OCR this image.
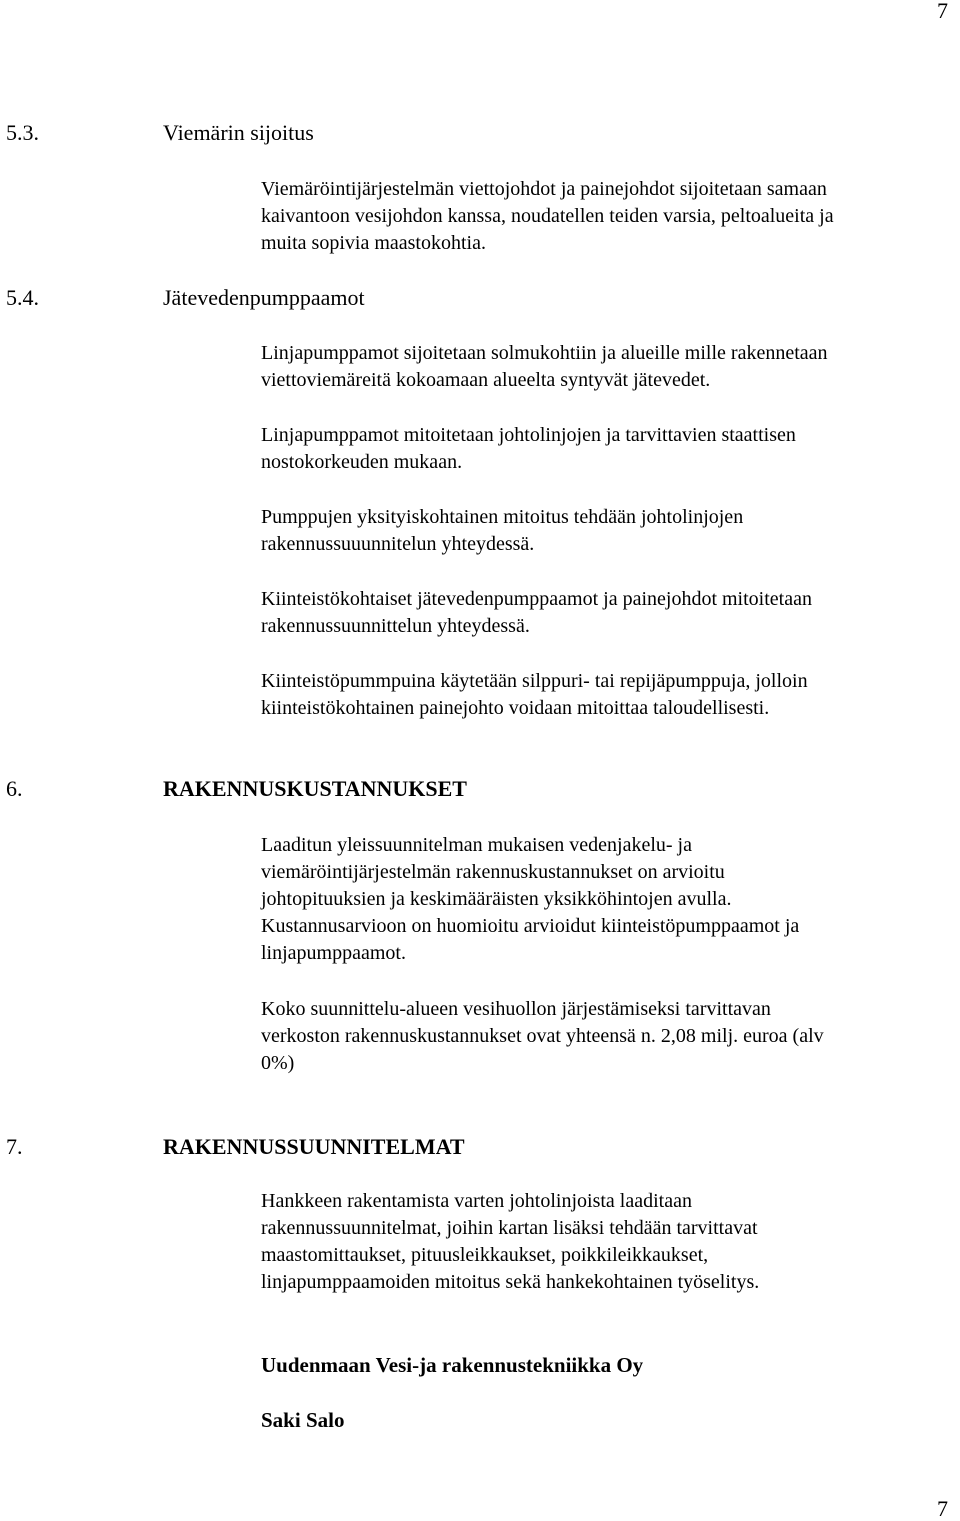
7
7
5.3.	Viemärin sijoitus
Viemäröintijärjestelmän viettojohdot ja painejohdot sijoitetaan samaan
kaivantoon vesijohdon kanssa, noudatellen teiden varsia, peltoalueita ja
muita sopivia maastokohtia.
5.4.	Jätevedenpumppaamot
Linjapumppamot sijoitetaan solmukohtiin ja alueille mille rakennetaan
viettoviemäreitä kokoamaan alueelta syntyvät jätevedet.
Linjapumppamot mitoitetaan johtolinjojen ja tarvittavien staattisen
nostokorkeuden mukaan.
Pumppujen yksityiskohtainen mitoitus tehdään johtolinjojen
rakennussuuunnitelun yhteydessä.
Kiinteistökohtaiset jätevedenpumppaamot ja painejohdot mitoitetaan
rakennussuunnittelun yhteydessä.
Kiinteistöpummpuina käytetään silppuri- tai repijäpumppuja, jolloin
kiinteistökohtainen painejohto voidaan mitoittaa taloudellisesti.
6.	RAKENNUSKUSTANNUKSET
Laaditun yleissuunnitelman mukaisen vedenjakelu- ja
viemäröintijärjestelmän rakennuskustannukset on arvioitu
johtopituuksien ja keskimääräisten yksikköhintojen avulla.
Kustannusarvioon on huomioitu arvioidut kiinteistöpumppaamot ja
linjapumppaamot.
Koko suunnittelu-alueen vesihuollon järjestämiseksi tarvittavan
verkoston rakennuskustannukset ovat yhteensä n. 2,08 milj. euroa (alv
0%)
7.	RAKENNUSSUUNNITELMAT
Hankkeen rakentamista varten johtolinjoista laaditaan
rakennussuunnitelmat, joihin kartan lisäksi tehdään tarvittavat
maastomittaukset, pituusleikkaukset, poikkileikkaukset,
linjapumppaamoiden mitoitus sekä hankekohtainen työselitys.
Uudenmaan Vesi-ja rakennustekniikka Oy
Saki Salo
